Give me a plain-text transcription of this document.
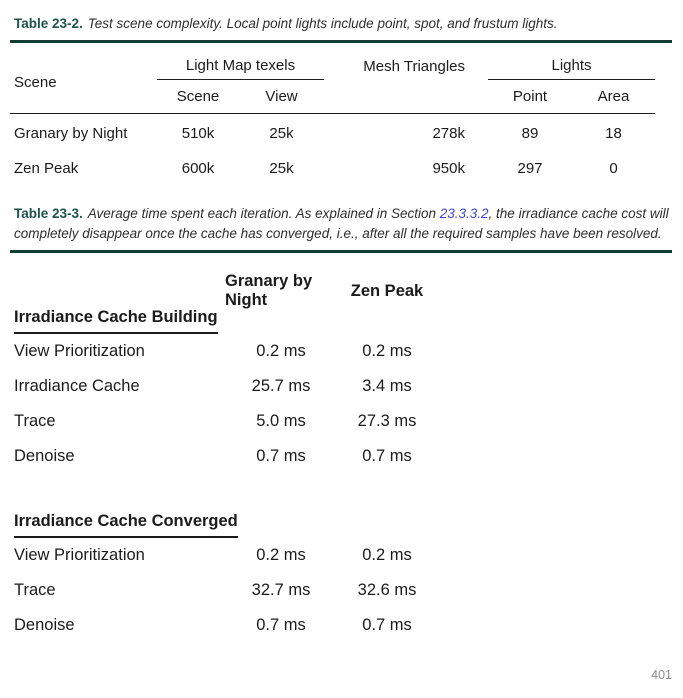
Table 23-2. Test scene complexity. Local point lights include point, spot, and frustum lights.

Scene
Light Map texels	Mesh Triangles	Lights
Scene	View	Point	Area
Granary by Night	510k	25k	278k	89	18
Zen Peak	600k	25k	950k	297	0

Table 23-3. Average time spent each iteration. As explained in Section 23.3.3.2, the irradiance cache cost will completely disappear once the cache has converged, i.e., after all the required samples have been resolved.

Granary by Night
Zen Peak
Irradiance Cache Building
View Prioritization	0.2 ms	0.2 ms
Irradiance Cache	25.7 ms	3.4 ms
Trace	5.0 ms	27.3 ms
Denoise	0.7 ms	0.7 ms
Irradiance Cache Converged
View Prioritization	0.2 ms	0.2 ms
Trace	32.7 ms	32.6 ms
Denoise	0.7 ms	0.7 ms
401
